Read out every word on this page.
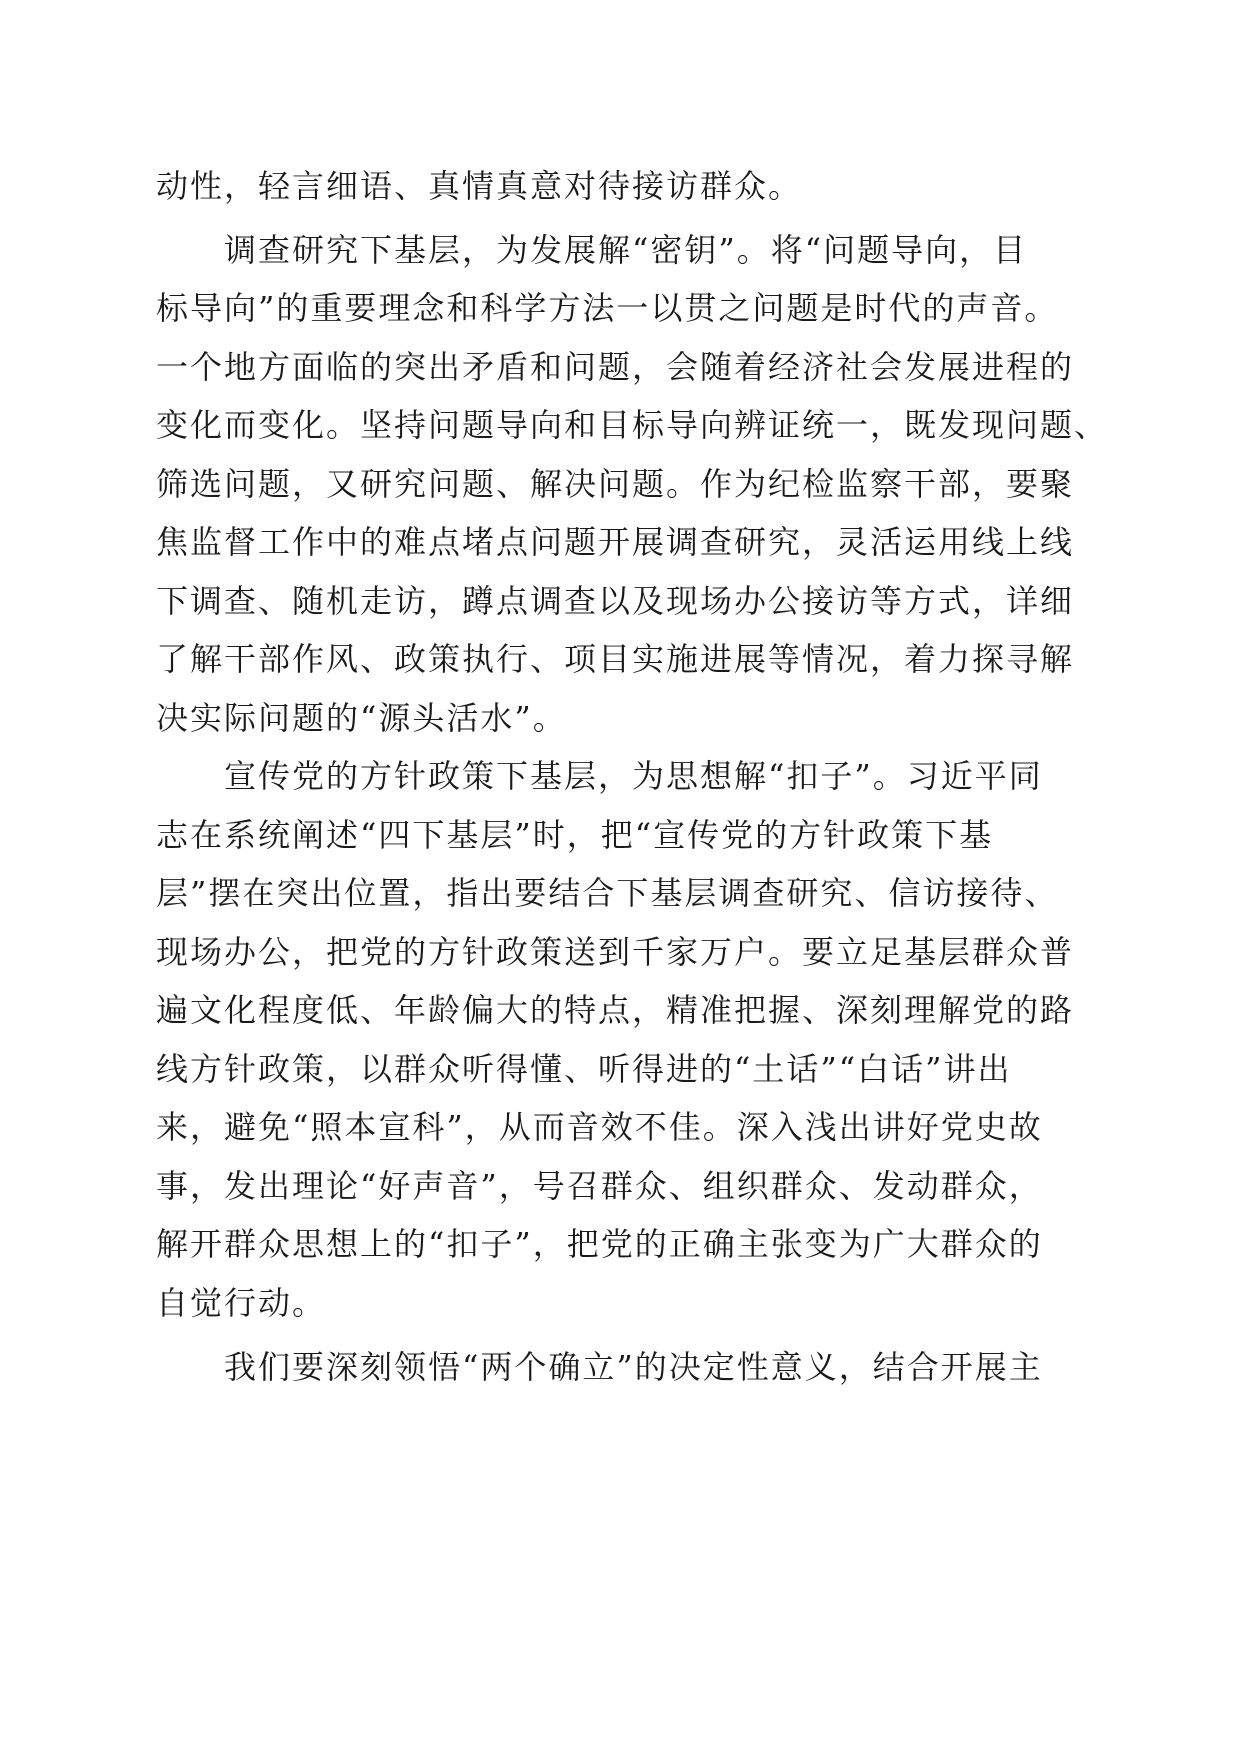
动性，轻言细语、真情真意对待接访群众。

调查研究下基层，为发展解“密钥”。将“问题导向，目

标导向”的重要理念和科学方法一以贯之问题是时代的声音。

一个地方面临的突出矛盾和问题，会随着经济社会发展进程的

变化而变化。坚持问题导向和目标导向辨证统一，既发现问题、

筛选问题，又研究问题、解决问题。作为纪检监察干部，要聚

焦监督工作中的难点堵点问题开展调查研究，灵活运用线上线

下调查、随机走访，蹲点调查以及现场办公接访等方式，详细

了解干部作风、政策执行、项目实施进展等情况，着力探寻解

决实际问题的“源头活水”。

宣传党的方针政策下基层，为思想解“扣子”。习近平同

志在系统阐述“四下基层”时，把“宣传党的方针政策下基

层”摆在突出位置，指出要结合下基层调查研究、信访接待、

现场办公，把党的方针政策送到千家万户。要立足基层群众普

遍文化程度低、年龄偏大的特点，精准把握、深刻理解党的路

线方针政策，以群众听得懂、听得进的“土话”“白话”讲出

来，避免“照本宣科”，从而音效不佳。深入浅出讲好党史故

事，发出理论“好声音”，号召群众、组织群众、发动群众，

解开群众思想上的“扣子”，把党的正确主张变为广大群众的

自觉行动。

我们要深刻领悟“两个确立”的决定性意义，结合开展主
